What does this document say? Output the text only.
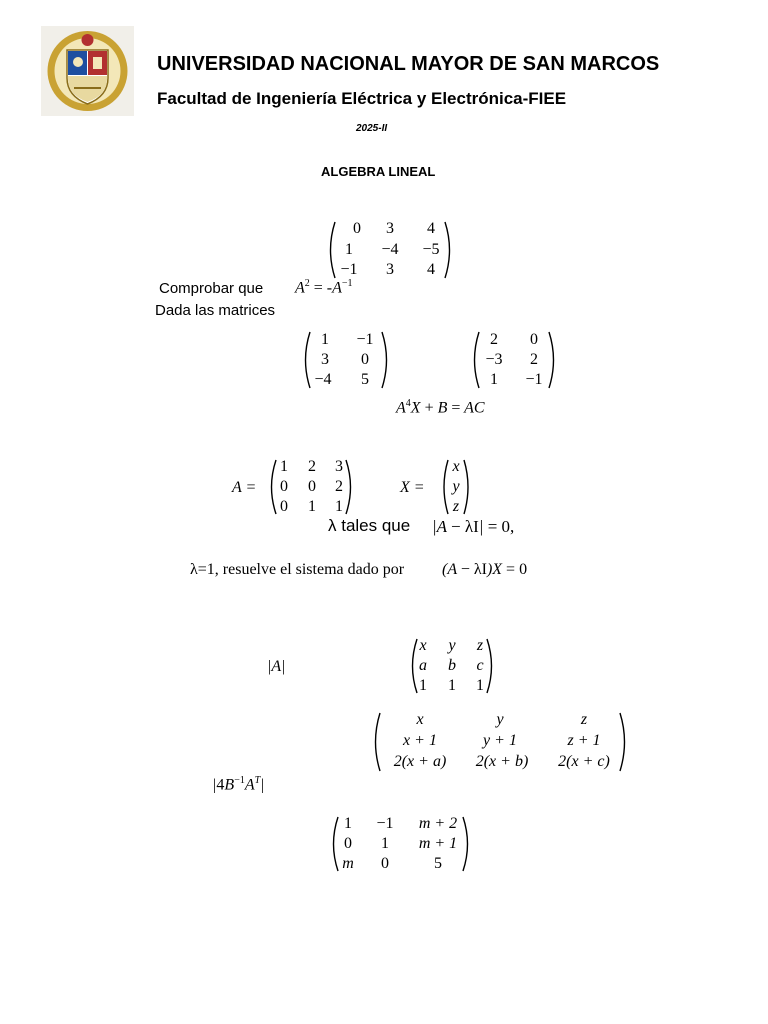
UNIVERSIDAD NACIONAL MAYOR DE SAN MARCOS
Facultad de Ingeniería Eléctrica y Electrónica-FIEE
2025-II
ALGEBRA LINEAL
0	3	4
1	−4	−5
−1	3	4
Comprobar que $A^2 = -A^{-1}$
Dada las matrices
1	−1
3	0
−4	5
2	0
−3	2
1	−1
$A^4X + B$ = AC
A =
1	2	3
0	0	2
0	1	1
X =
x
y
z
λ tales que |A − λI| = 0,
λ=1, resuelve el sistema dado por (A − λI)X = 0
|A|
x	y	z
a	b	c
1	1	1
x	y	z
x + 1	y + 1	z + 1
2(x + a)	2(x + b)	2(x + c)
$|4B^{-1}A^T|$
1	−1	m + 2
0	1	m + 1
m	0	5
